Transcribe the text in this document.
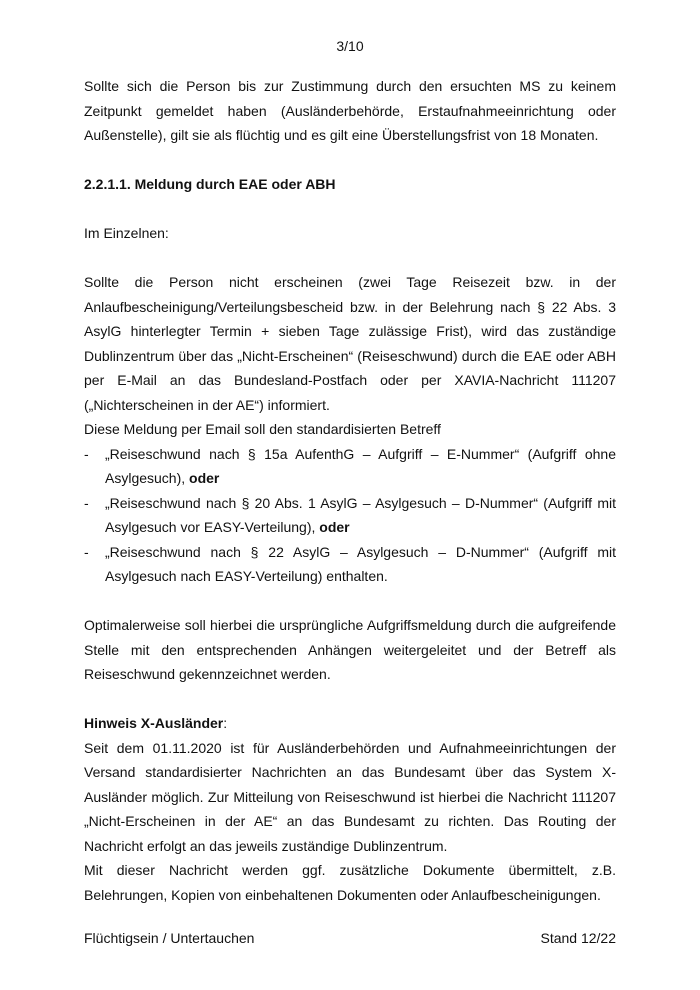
3/10

Sollte sich die Person bis zur Zustimmung durch den ersuchten MS zu keinem Zeitpunkt gemeldet haben (Ausländerbehörde, Erstaufnahmeeinrichtung oder Außenstelle), gilt sie als flüchtig und es gilt eine Überstellungsfrist von 18 Monaten.

2.2.1.1. Meldung durch EAE oder ABH

Im Einzelnen:

Sollte die Person nicht erscheinen (zwei Tage Reisezeit bzw. in der Anlaufbescheinigung/Verteilungsbescheid bzw. in der Belehrung nach § 22 Abs. 3 AsylG hinterlegter Termin + sieben Tage zulässige Frist), wird das zuständige Dublinzentrum über das „Nicht-Erscheinen“ (Reiseschwund) durch die EAE oder ABH per E-Mail an das Bundesland-Postfach oder per XAVIA-Nachricht 111207 („Nichterscheinen in der AE“) informiert.

Diese Meldung per Email soll den standardisierten Betreff

- „Reiseschwund nach § 15a AufenthG – Aufgriff – E-Nummer“ (Aufgriff ohne Asylgesuch), oder
- „Reiseschwund nach § 20 Abs. 1 AsylG – Asylgesuch – D-Nummer“ (Aufgriff mit Asylgesuch vor EASY-Verteilung), oder
- „Reiseschwund nach § 22 AsylG – Asylgesuch – D-Nummer“ (Aufgriff mit Asylgesuch nach EASY-Verteilung) enthalten.

Optimalerweise soll hierbei die ursprüngliche Aufgriffsmeldung durch die aufgreifende Stelle mit den entsprechenden Anhängen weitergeleitet und der Betreff als Reiseschwund gekennzeichnet werden.

Hinweis X-Ausländer:

Seit dem 01.11.2020 ist für Ausländerbehörden und Aufnahmeeinrichtungen der Versand standardisierter Nachrichten an das Bundesamt über das System X-Ausländer möglich. Zur Mitteilung von Reiseschwund ist hierbei die Nachricht 111207 „Nicht-Erscheinen in der AE“ an das Bundesamt zu richten. Das Routing der Nachricht erfolgt an das jeweils zuständige Dublinzentrum.

Mit dieser Nachricht werden ggf. zusätzliche Dokumente übermittelt, z.B. Belehrungen, Kopien von einbehaltenen Dokumenten oder Anlaufbescheinigungen.

Flüchtigsein / Untertauchen	Stand 12/22
